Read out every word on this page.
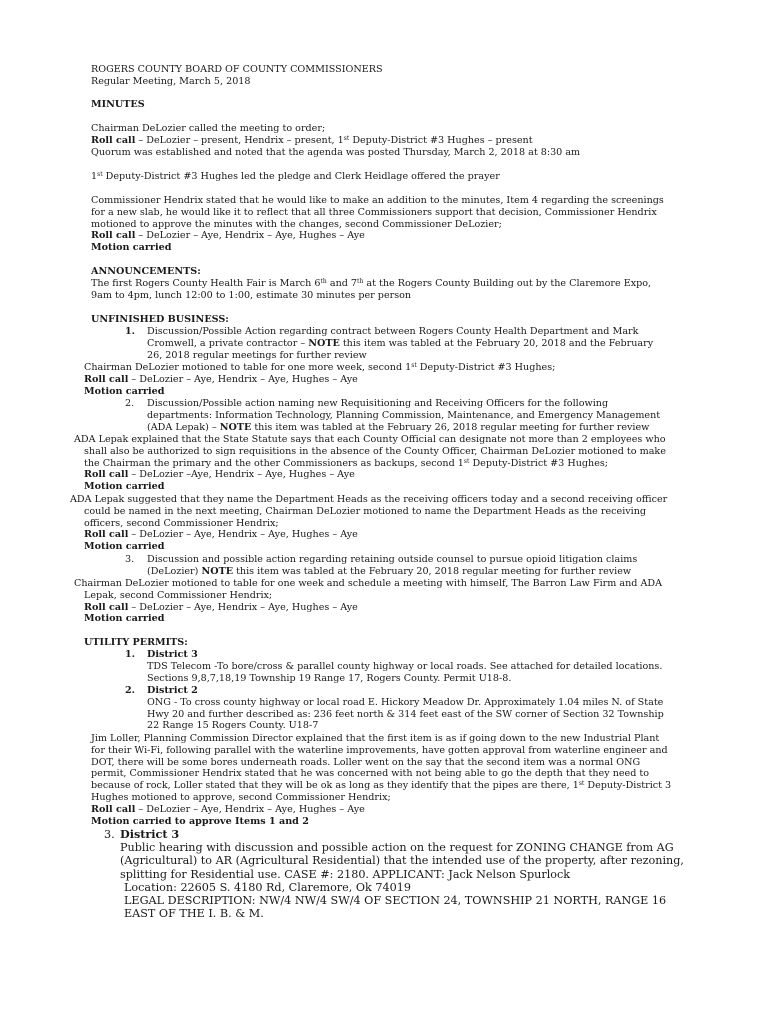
ROGERS COUNTY BOARD OF COUNTY COMMISSIONERS
Regular Meeting, March 5, 2018
MINUTES
Chairman DeLozier called the meeting to order;
Roll call – DeLozier – present, Hendrix – present, 1st Deputy-District #3 Hughes – present
Quorum was established and noted that the agenda was posted Thursday, March 2, 2018 at 8:30 am
1st Deputy-District #3 Hughes led the pledge and Clerk Heidlage offered the prayer
Commissioner Hendrix stated that he would like to make an addition to the minutes, Item 4 regarding the screenings
for a new slab, he would like it to reflect that all three Commissioners support that decision, Commissioner Hendrix
motioned to approve the minutes with the changes, second Commissioner DeLozier;
Roll call – DeLozier – Aye, Hendrix – Aye, Hughes – Aye
Motion carried
ANNOUNCEMENTS:
The first Rogers County Health Fair is March 6th and 7th at the Rogers County Building out by the Claremore Expo,
9am to 4pm, lunch 12:00 to 1:00, estimate 30 minutes per person
UNFINISHED BUSINESS:
1. Discussion/Possible Action regarding contract between Rogers County Health Department and Mark
Cromwell, a private contractor – NOTE this item was tabled at the February 20, 2018 and the February
26, 2018 regular meetings for further review
Chairman DeLozier motioned to table for one more week, second 1st Deputy-District #3 Hughes;
Roll call – DeLozier – Aye, Hendrix – Aye, Hughes – Aye
Motion carried
2. Discussion/Possible action naming new Requisitioning and Receiving Officers for the following
departments: Information Technology, Planning Commission, Maintenance, and Emergency Management
(ADA Lepak) – NOTE this item was tabled at the February 26, 2018 regular meeting for further review
ADA Lepak explained that the State Statute says that each County Official can designate not more than 2 employees who
shall also be authorized to sign requisitions in the absence of the County Officer, Chairman DeLozier motioned to make
the Chairman the primary and the other Commissioners as backups, second 1st Deputy-District #3 Hughes;
Roll call – DeLozier –Aye, Hendrix – Aye, Hughes – Aye
Motion carried
ADA Lepak suggested that they name the Department Heads as the receiving officers today and a second receiving officer
could be named in the next meeting, Chairman DeLozier motioned to name the Department Heads as the receiving
officers, second Commissioner Hendrix;
Roll call – DeLozier – Aye, Hendrix – Aye, Hughes – Aye
Motion carried
3. Discussion and possible action regarding retaining outside counsel to pursue opioid litigation claims
(DeLozier) NOTE this item was tabled at the February 20, 2018 regular meeting for further review
Chairman DeLozier motioned to table for one week and schedule a meeting with himself, The Barron Law Firm and ADA
Lepak, second Commissioner Hendrix;
Roll call – DeLozier – Aye, Hendrix – Aye, Hughes – Aye
Motion carried
UTILITY PERMITS:
1. District 3
TDS Telecom -To bore/cross & parallel county highway or local roads. See attached for detailed locations.
Sections 9,8,7,18,19 Township 19 Range 17, Rogers County. Permit U18-8.
2. District 2
ONG - To cross county highway or local road E. Hickory Meadow Dr. Approximately 1.04 miles N. of State
Hwy 20 and further described as: 236 feet north & 314 feet east of the SW corner of Section 32 Township
22 Range 15 Rogers County. U18-7
Jim Loller, Planning Commission Director explained that the first item is as if going down to the new Industrial Plant
for their Wi-Fi, following parallel with the waterline improvements, have gotten approval from waterline engineer and
DOT, there will be some bores underneath roads. Loller went on the say that the second item was a normal ONG
permit, Commissioner Hendrix stated that he was concerned with not being able to go the depth that they need to
because of rock, Loller stated that they will be ok as long as they identify that the pipes are there, 1st Deputy-District 3
Hughes motioned to approve, second Commissioner Hendrix;
Roll call – DeLozier – Aye, Hendrix – Aye, Hughes – Aye
Motion carried to approve Items 1 and 2
3. District 3
Public hearing with discussion and possible action on the request for ZONING CHANGE from AG
(Agricultural) to AR (Agricultural Residential) that the intended use of the property, after rezoning,
splitting for Residential use. CASE #: 2180. APPLICANT: Jack Nelson Spurlock
Location: 22605 S. 4180 Rd, Claremore, Ok 74019
LEGAL DESCRIPTION: NW/4 NW/4 SW/4 OF SECTION 24, TOWNSHIP 21 NORTH, RANGE 16
EAST OF THE I. B. & M.
